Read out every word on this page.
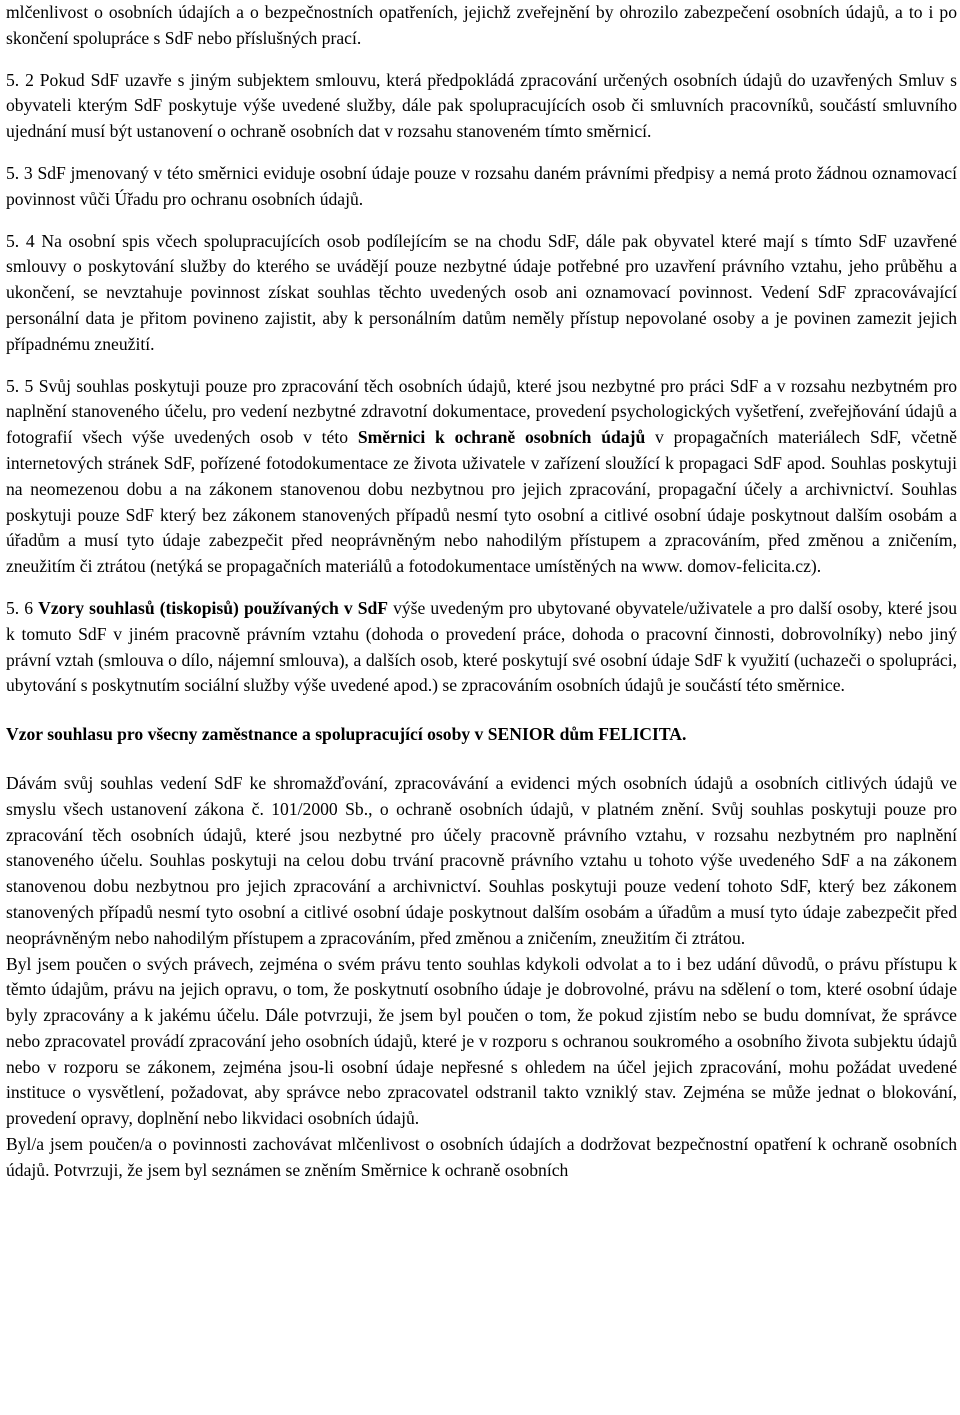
mlčenlivost o osobních údajích a o bezpečnostních opatřeních, jejichž zveřejnění by ohrozilo zabezpečení osobních údajů, a to i po skončení spolupráce s SdF nebo příslušných prací.

5. 2 Pokud SdF uzavře s jiným subjektem smlouvu, která předpokládá zpracování určených osobních údajů do uzavřených Smluv s obyvateli kterým SdF poskytuje výše uvedené služby, dále pak spolupracujících osob či smluvních pracovníků, součástí smluvního ujednání musí být ustanovení o ochraně osobních dat v rozsahu stanoveném tímto směrnicí.

5. 3 SdF jmenovaný v této směrnici eviduje osobní údaje pouze v rozsahu daném právními předpisy a nemá proto žádnou oznamovací povinnost vůči Úřadu pro ochranu osobních údajů.

5. 4 Na osobní spis včech spolupracujících osob podílejícím se na chodu SdF, dále pak obyvatel které mají s tímto SdF uzavřené smlouvy o poskytování služby do kterého se uvádějí pouze nezbytné údaje potřebné pro uzavření právního vztahu, jeho průběhu a ukončení, se nevztahuje povinnost získat souhlas těchto uvedených osob ani oznamovací povinnost. Vedení SdF zpracovávající personální data je přitom povineno zajistit, aby k personálním datům neměly přístup nepovolané osoby a je povinen zamezit jejich případnému zneužití.

5. 5 Svůj souhlas poskytuji pouze pro zpracování těch osobních údajů, které jsou nezbytné pro práci SdF a v rozsahu nezbytném pro naplnění stanoveného účelu, pro vedení nezbytné zdravotní dokumentace, provedení psychologických vyšetření, zveřejňování údajů a fotografií všech výše uvedených osob v této Směrnici k ochraně osobních údajů v propagačních materiálech SdF, včetně internetových stránek SdF, pořízené fotodokumentace ze života uživatele v zařízení sloužící k propagaci SdF apod. Souhlas poskytuji na neomezenou dobu a na zákonem stanovenou dobu nezbytnou pro jejich zpracování, propagační účely a archivnictví. Souhlas poskytuji pouze SdF který bez zákonem stanovených případů nesmí tyto osobní a citlivé osobní údaje poskytnout dalším osobám a úřadům a musí tyto údaje zabezpečit před neoprávněným nebo nahodilým přístupem a zpracováním, před změnou a zničením, zneužitím či ztrátou (netýká se propagačních materiálů a fotodokumentace umístěných na www. domov-felicita.cz).

5. 6 Vzory souhlasů (tiskopisů) používaných v SdF výše uvedeným pro ubytované obyvatele/uživatele a pro další osoby, které jsou k tomuto SdF v jiném pracovně právním vztahu (dohoda o provedení práce, dohoda o pracovní činnosti, dobrovolníky) nebo jiný právní vztah (smlouva o dílo, nájemní smlouva), a dalších osob, které poskytují své osobní údaje SdF k využití (uchazeči o spolupráci, ubytování s poskytnutím sociální služby výše uvedené apod.) se zpracováním osobních údajů je součástí této směrnice.

Vzor souhlasu pro všecny zaměstnance a spolupracující osoby v SENIOR dům FELICITA.

Dávám svůj souhlas vedení SdF ke shromažďování, zpracovávání a evidenci mých osobních údajů a osobních citlivých údajů ve smyslu všech ustanovení zákona č. 101/2000 Sb., o ochraně osobních údajů, v platném znění. Svůj souhlas poskytuji pouze pro zpracování těch osobních údajů, které jsou nezbytné pro účely pracovně právního vztahu, v rozsahu nezbytném pro naplnění stanoveného účelu. Souhlas poskytuji na celou dobu trvání pracovně právního vztahu u tohoto výše uvedeného SdF a na zákonem stanovenou dobu nezbytnou pro jejich zpracování a archivnictví. Souhlas poskytuji pouze vedení tohoto SdF, který bez zákonem stanovených případů nesmí tyto osobní a citlivé osobní údaje poskytnout dalším osobám a úřadům a musí tyto údaje zabezpečit před neoprávněným nebo nahodilým přístupem a zpracováním, před změnou a zničením, zneužitím či ztrátou.

Byl jsem poučen o svých právech, zejména o svém právu tento souhlas kdykoli odvolat a to i bez udání důvodů, o právu přístupu k těmto údajům, právu na jejich opravu, o tom, že poskytnutí osobního údaje je dobrovolné, právu na sdělení o tom, které osobní údaje byly zpracovány a k jakému účelu. Dále potvrzuji, že jsem byl poučen o tom, že pokud zjistím nebo se budu domnívat, že správce nebo zpracovatel provádí zpracování jeho osobních údajů, které je v rozporu s ochranou soukromého a osobního života subjektu údajů nebo v rozporu se zákonem, zejména jsou-li osobní údaje nepřesné s ohledem na účel jejich zpracování, mohu požádat uvedené instituce o vysvětlení, požadovat, aby správce nebo zpracovatel odstranil takto vzniklý stav. Zejména se může jednat o blokování, provedení opravy, doplnění nebo likvidaci osobních údajů.

Byl/a jsem poučen/a o povinnosti zachovávat mlčenlivost o osobních údajích a dodržovat bezpečnostní opatření k ochraně osobních údajů. Potvrzuji, že jsem byl seznámen se zněním Směrnice k ochraně osobních
